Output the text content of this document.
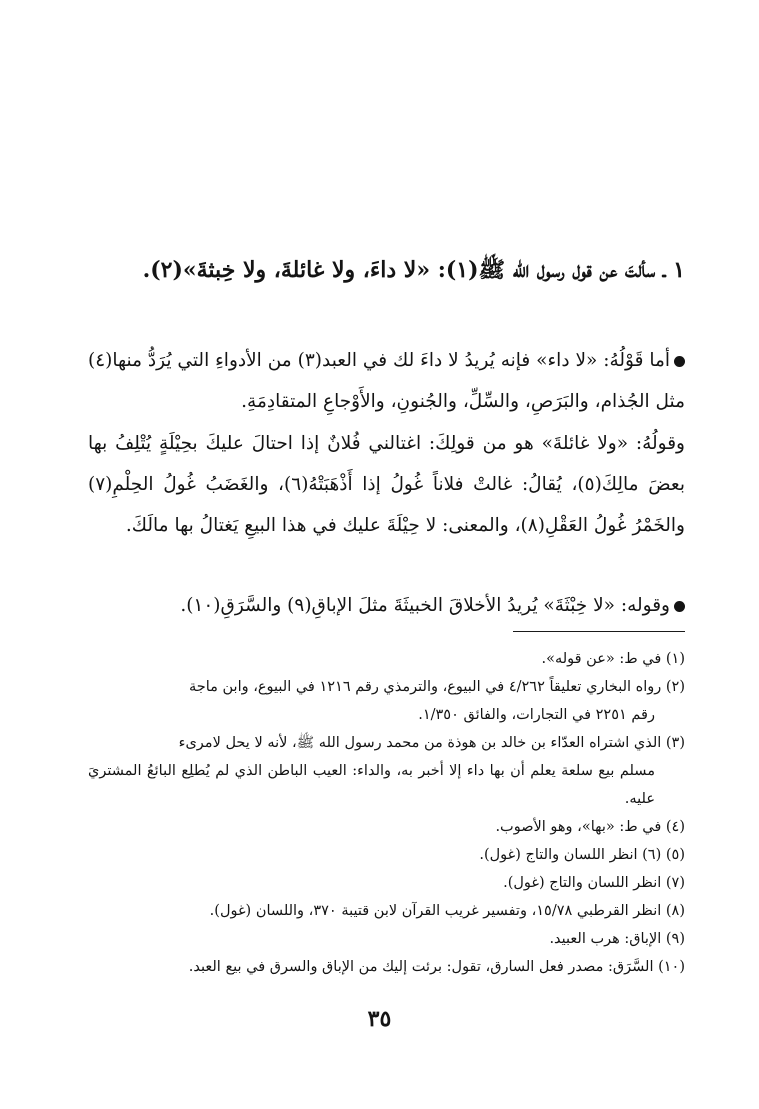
١ ـ سألتَ عن قول رسول الله ﷺ(١): «لا داءَ، ولا غائلةَ، ولا خِبثةَ»(٢).
أما قَوْلُهُ: «لا داء» فإنه يُريدُ لا داءَ لك في العبد(٣) من الأدواءِ التي يُرَدُّ منها(٤) مثل الجُذام، والبَرَصِ، والسِّلِّ، والجُنونِ، والأَوْجاعِ المتقادِمَةِ.
وقولُهُ: «ولا غائلةَ» هو من قولِكَ: اغتالني فُلانٌ إذا احتالَ عليكَ بحِيْلَةٍ يُتْلِفُ بها بعضَ مالِكَ(٥)، يُقالُ: غالتْ فلاناً غُولُ إذا أَذْهَبَتْهُ(٦)، والغَضَبُ غُولُ الحِلْمِ(٧) والخَمْرُ غُولُ العَقْلِ(٨)، والمعنى: لا حِيْلَةَ عليك في هذا البيعِ يَغتالُ بها مالَكَ.
وقوله: «لا خِبْثَةَ» يُريدُ الأخلاقَ الخبيثَةَ مثلَ الإباقِ(٩) والسَّرَقِ(١٠).
(١) في ط: «عن قوله».
(٢) رواه البخاري تعليقاً ٤/٢٦٢ في البيوع، والترمذي رقم ١٢١٦ في البيوع، وابن ماجة
رقم ٢٢٥١ في التجارات، والفائق ١/٣٥٠.
(٣) الذي اشتراه العدّاء بن خالد بن هوذة من محمد رسول الله ﷺ، لأنه لا يحل لامرىء
مسلم بيع سلعة يعلم أن بها داء إلا أخبر به، والداء: العيب الباطن الذي لم يُطلِع البائعُ المشتريَ عليه.
(٤) في ط: «بها»، وهو الأصوب.
(٥) (٦) انظر اللسان والتاج (غول).
(٧) انظر اللسان والتاج (غول).
(٨) انظر القرطبي ١٥/٧٨، وتفسير غريب القرآن لابن قتيبة ٣٧٠، واللسان (غول).
(٩) الإباق: هرب العبيد.
(١٠) السَّرَق: مصدر فعل السارق، تقول: برئت إليك من الإباق والسرق في بيع العبد.
٣٥
